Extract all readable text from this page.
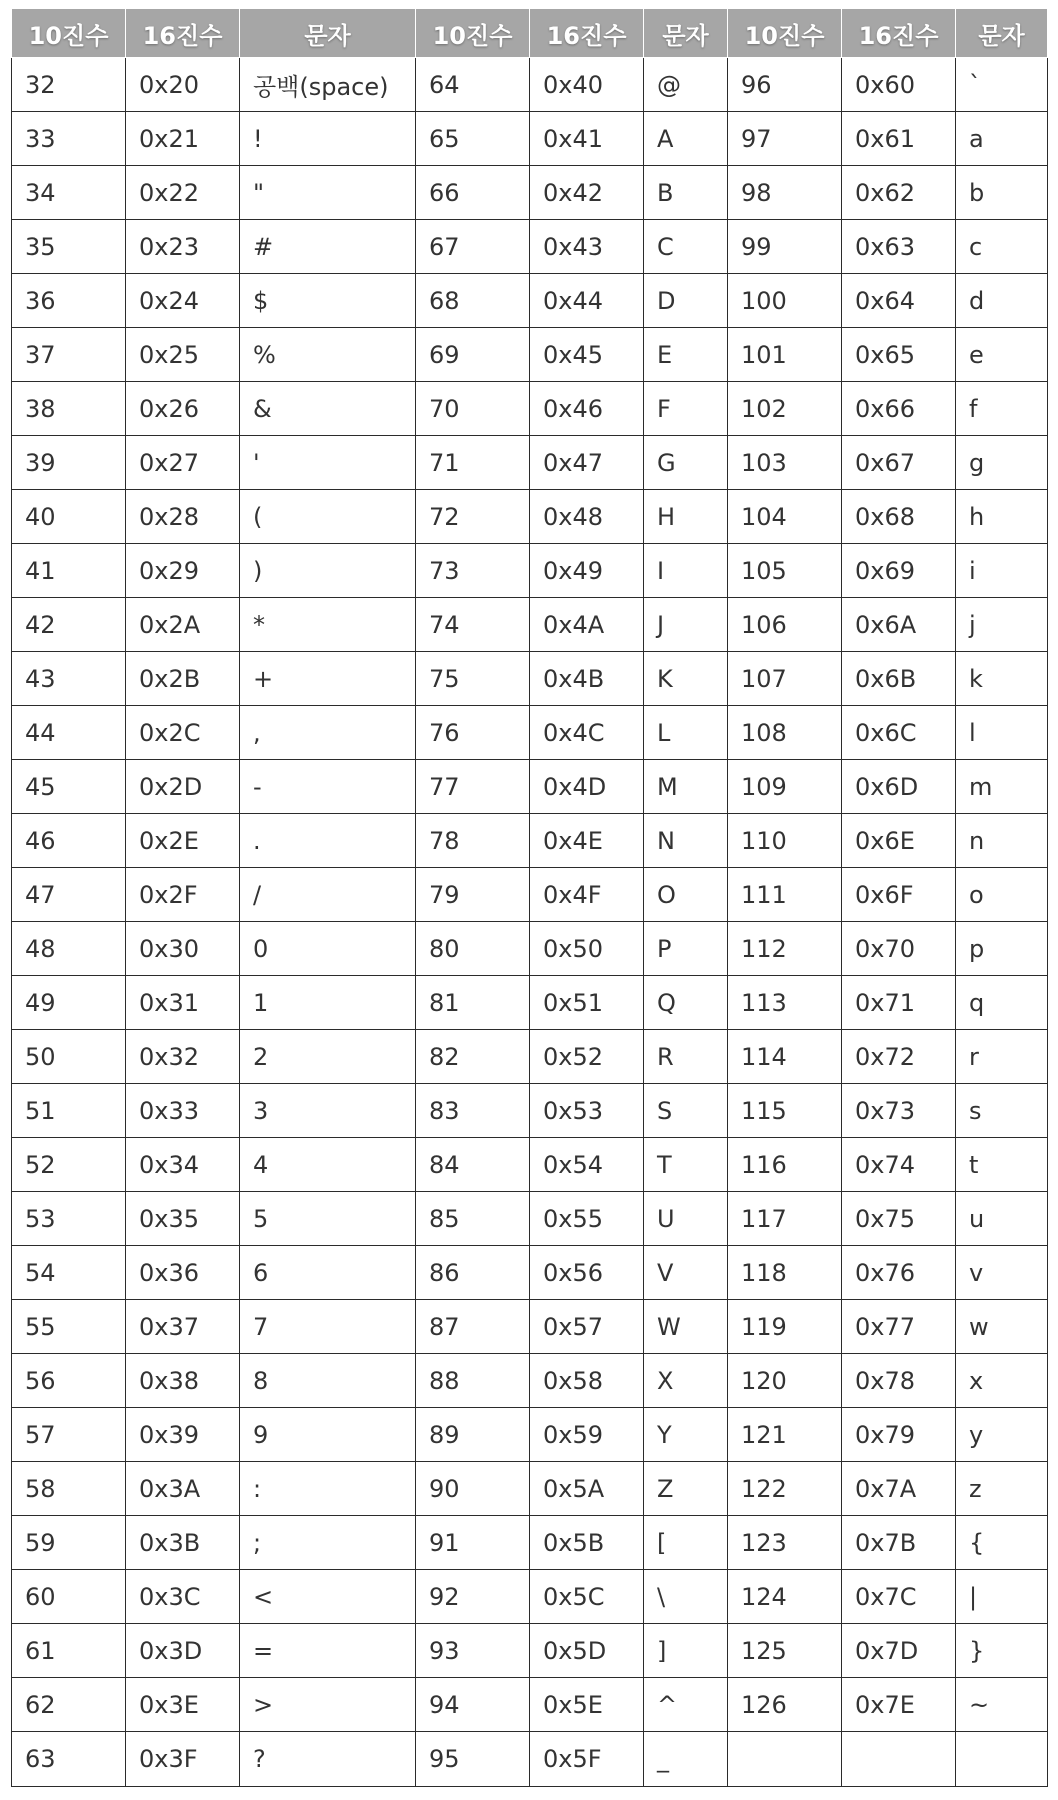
10진수	16진수	문자	10진수	16진수	문자	10진수	16진수	문자
32	0x20	공백(space)	64	0x40	@	96	0x60	`
33	0x21	!	65	0x41	A	97	0x61	a
34	0x22	"	66	0x42	B	98	0x62	b
35	0x23	#	67	0x43	C	99	0x63	c
36	0x24	$	68	0x44	D	100	0x64	d
37	0x25	%	69	0x45	E	101	0x65	e
38	0x26	&	70	0x46	F	102	0x66	f
39	0x27	'	71	0x47	G	103	0x67	g
40	0x28	(	72	0x48	H	104	0x68	h
41	0x29	)	73	0x49	I	105	0x69	i
42	0x2A	*	74	0x4A	J	106	0x6A	j
43	0x2B	+	75	0x4B	K	107	0x6B	k
44	0x2C	,	76	0x4C	L	108	0x6C	l
45	0x2D	-	77	0x4D	M	109	0x6D	m
46	0x2E	.	78	0x4E	N	110	0x6E	n
47	0x2F	/	79	0x4F	O	111	0x6F	o
48	0x30	0	80	0x50	P	112	0x70	p
49	0x31	1	81	0x51	Q	113	0x71	q
50	0x32	2	82	0x52	R	114	0x72	r
51	0x33	3	83	0x53	S	115	0x73	s
52	0x34	4	84	0x54	T	116	0x74	t
53	0x35	5	85	0x55	U	117	0x75	u
54	0x36	6	86	0x56	V	118	0x76	v
55	0x37	7	87	0x57	W	119	0x77	w
56	0x38	8	88	0x58	X	120	0x78	x
57	0x39	9	89	0x59	Y	121	0x79	y
58	0x3A	:	90	0x5A	Z	122	0x7A	z
59	0x3B	;	91	0x5B	[	123	0x7B	{
60	0x3C	<	92	0x5C	\	124	0x7C	|
61	0x3D	=	93	0x5D	]	125	0x7D	}
62	0x3E	>	94	0x5E	^	126	0x7E	~
63	0x3F	?	95	0x5F	_			
